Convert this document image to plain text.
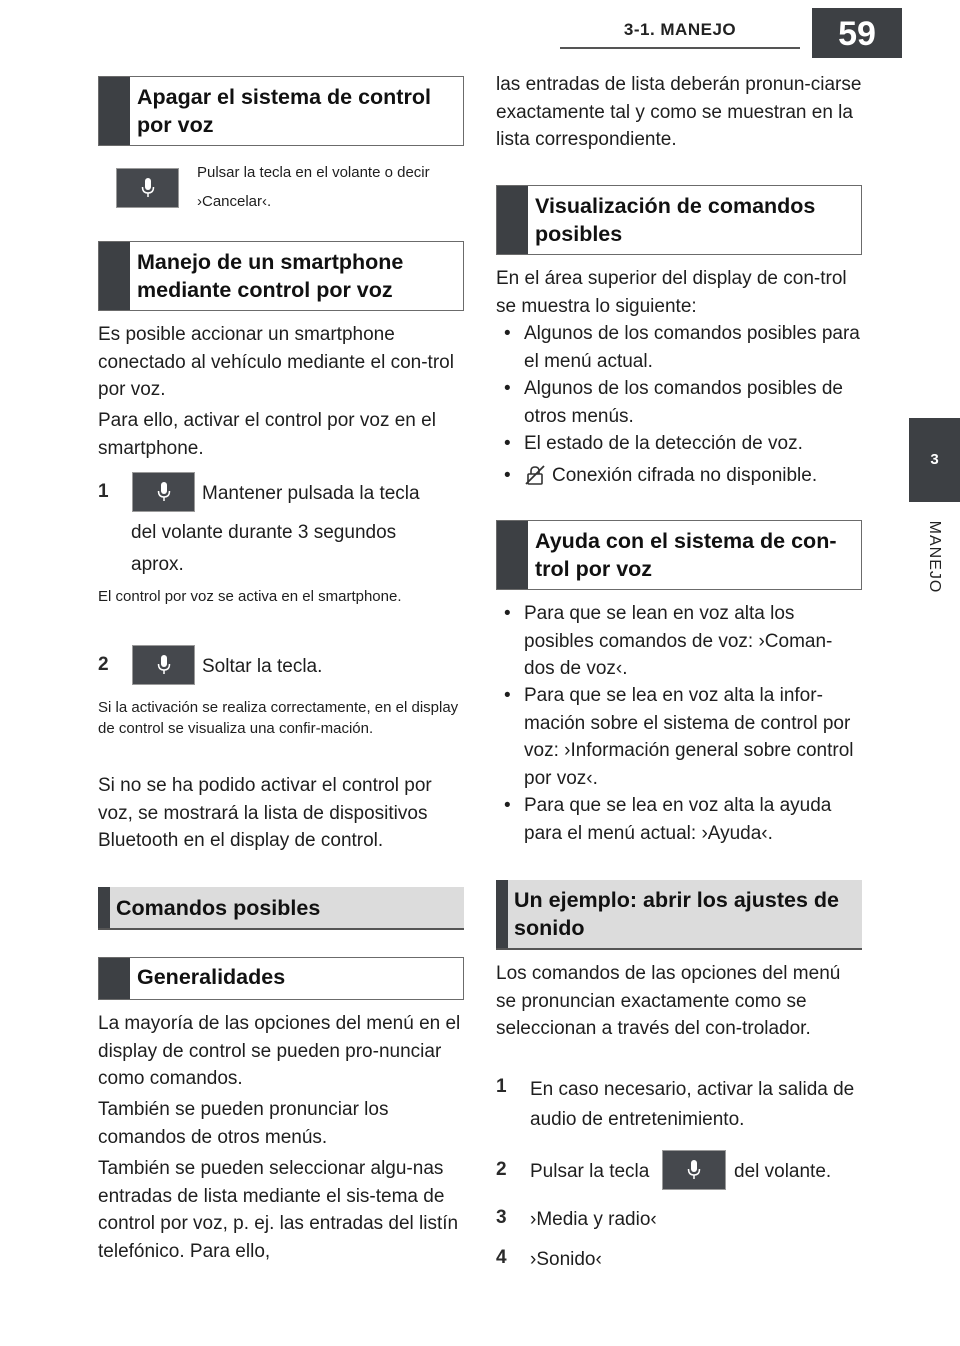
3-1. MANEJO	59
3
MANEJO
Apagar el sistema de control por voz
Pulsar la tecla en el volante o decir ›Cancelar‹.
Manejo de un smartphone mediante control por voz
Es posible accionar un smartphone conectado al vehículo mediante el con-trol por voz.
Para ello, activar el control por voz en el smartphone.
1	Mantener pulsada la tecla
del volante durante 3 segundos aprox.
El control por voz se activa en el smartphone.
2	Soltar la tecla.
Si la activación se realiza correctamente, en el display de control se visualiza una confir-mación.
Si no se ha podido activar el control por voz, se mostrará la lista de dispositivos Bluetooth en el display de control.
Comandos posibles
Generalidades
La mayoría de las opciones del menú en el display de control se pueden pro-nunciar como comandos.
También se pueden pronunciar los comandos de otros menús.
También se pueden seleccionar algu-nas entradas de lista mediante el sis-tema de control por voz, p. ej. las entradas del listín telefónico. Para ello,
las entradas de lista deberán pronun-ciarse exactamente tal y como se muestran en la lista correspondiente.
Visualización de comandos posibles
En el área superior del display de con-trol se muestra lo siguiente:
• Algunos de los comandos posibles para el menú actual.
• Algunos de los comandos posibles de otros menús.
• El estado de la detección de voz.
• Conexión cifrada no disponible.
Ayuda con el sistema de con-trol por voz
• Para que se lean en voz alta los posibles comandos de voz: ›Coman-dos de voz‹.
• Para que se lea en voz alta la infor-mación sobre el sistema de control por voz: ›Información general sobre control por voz‹.
• Para que se lea en voz alta la ayuda para el menú actual: ›Ayuda‹.
Un ejemplo: abrir los ajustes de sonido
Los comandos de las opciones del menú se pronuncian exactamente como se seleccionan a través del con-trolador.
1 En caso necesario, activar la salida de audio de entretenimiento.
2 Pulsar la tecla	del volante.
3 ›Media y radio‹
4 ›Sonido‹
